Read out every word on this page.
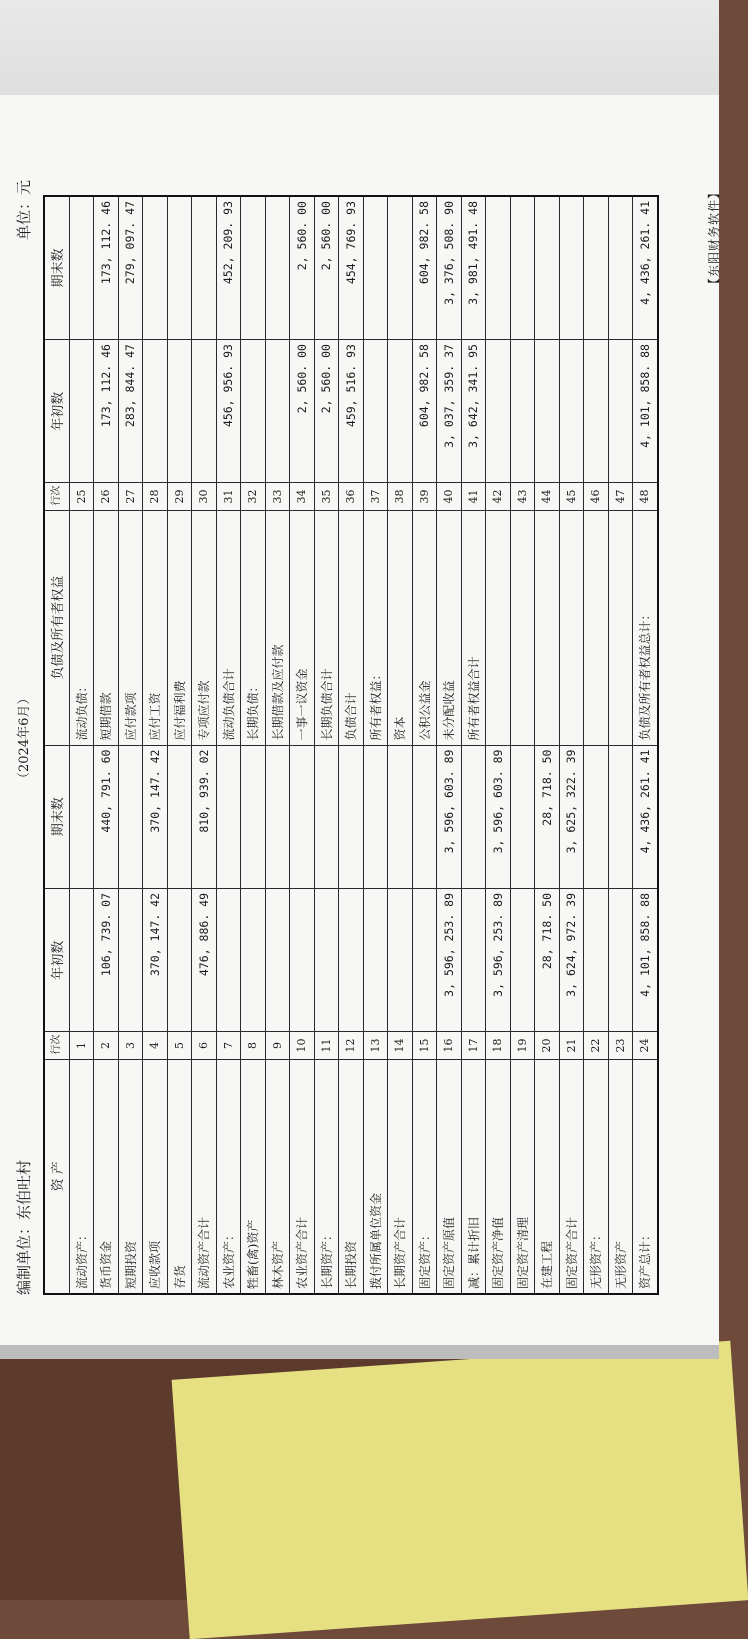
编制单位：东伯吐村
（2024年6月）
单位：元
资 产	行次	年初数	期末数	负债及所有者权益	行次	年初数	期末数
流动资产：	1			流动负债：	25		
货币资金	2	106, 739. 07	440, 791. 60	短期借款	26	173, 112. 46	173, 112. 46
短期投资	3			应付款项	27	283, 844. 47	279, 097. 47
应收款项	4	370, 147. 42	370, 147. 42	应付工资	28		
存货	5			应付福利费	29		
流动资产合计	6	476, 886. 49	810, 939. 02	专项应付款	30		
农业资产：	7			流动负债合计	31	456, 956. 93	452, 209. 93
牲畜(禽)资产	8			长期负债：	32		
林木资产	9			长期借款及应付款	33		
农业资产合计	10			一事一议资金	34	2, 560. 00	2, 560. 00
长期资产：	11			长期负债合计	35	2, 560. 00	2, 560. 00
长期投资	12			负债合计	36	459, 516. 93	454, 769. 93
拨付所属单位资金	13			所有者权益：	37		
长期资产合计	14			资本	38		
固定资产：	15			公积公益金	39	604, 982. 58	604, 982. 58
固定资产原值	16	3, 596, 253. 89	3, 596, 603. 89	未分配收益	40	3, 037, 359. 37	3, 376, 508. 90
减：累计折旧	17			所有者权益合计	41	3, 642, 341. 95	3, 981, 491. 48
固定资产净值	18	3, 596, 253. 89	3, 596, 603. 89		42		
固定资产清理	19				43		
在建工程	20	28, 718. 50	28, 718. 50		44		
固定资产合计	21	3, 624, 972. 39	3, 625, 322. 39		45		
无形资产：	22				46		
无形资产	23				47		
资产总计：	24	4, 101, 858. 88	4, 436, 261. 41	负债及所有者权益总计：	48	4, 101, 858. 88	4, 436, 261. 41	【东阳财务软件】
